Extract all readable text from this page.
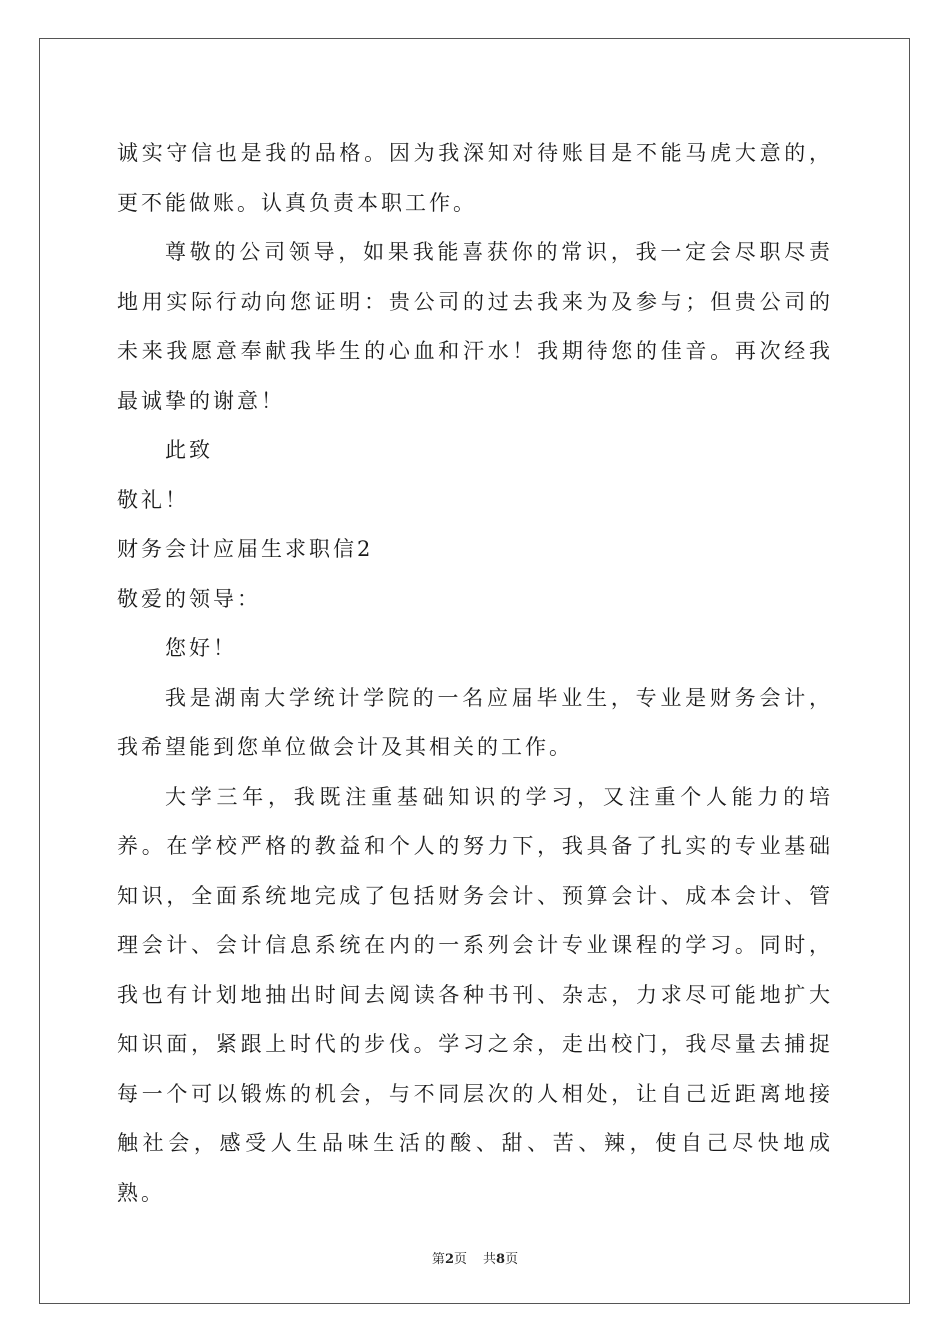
诚实守信也是我的品格。因为我深知对待账目是不能马虎大意的，更不能做账。认真负责本职工作。

尊敬的公司领导，如果我能喜获你的常识，我一定会尽职尽责地用实际行动向您证明：贵公司的过去我来为及参与；但贵公司的未来我愿意奉献我毕生的心血和汗水！我期待您的佳音。再次经我最诚挚的谢意！

此致

敬礼！

财务会计应届生求职信2

敬爱的领导：

您好！

我是湖南大学统计学院的一名应届毕业生，专业是财务会计，我希望能到您单位做会计及其相关的工作。

大学三年，我既注重基础知识的学习，又注重个人能力的培养。在学校严格的教益和个人的努力下，我具备了扎实的专业基础知识，全面系统地完成了包括财务会计、预算会计、成本会计、管理会计、会计信息系统在内的一系列会计专业课程的学习。同时，我也有计划地抽出时间去阅读各种书刊、杂志，力求尽可能地扩大知识面，紧跟上时代的步伐。学习之余，走出校门，我尽量去捕捉每一个可以锻炼的机会，与不同层次的人相处，让自己近距离地接触社会，感受人生品味生活的酸、甜、苦、辣，使自己尽快地成熟。

第2页 共8页
